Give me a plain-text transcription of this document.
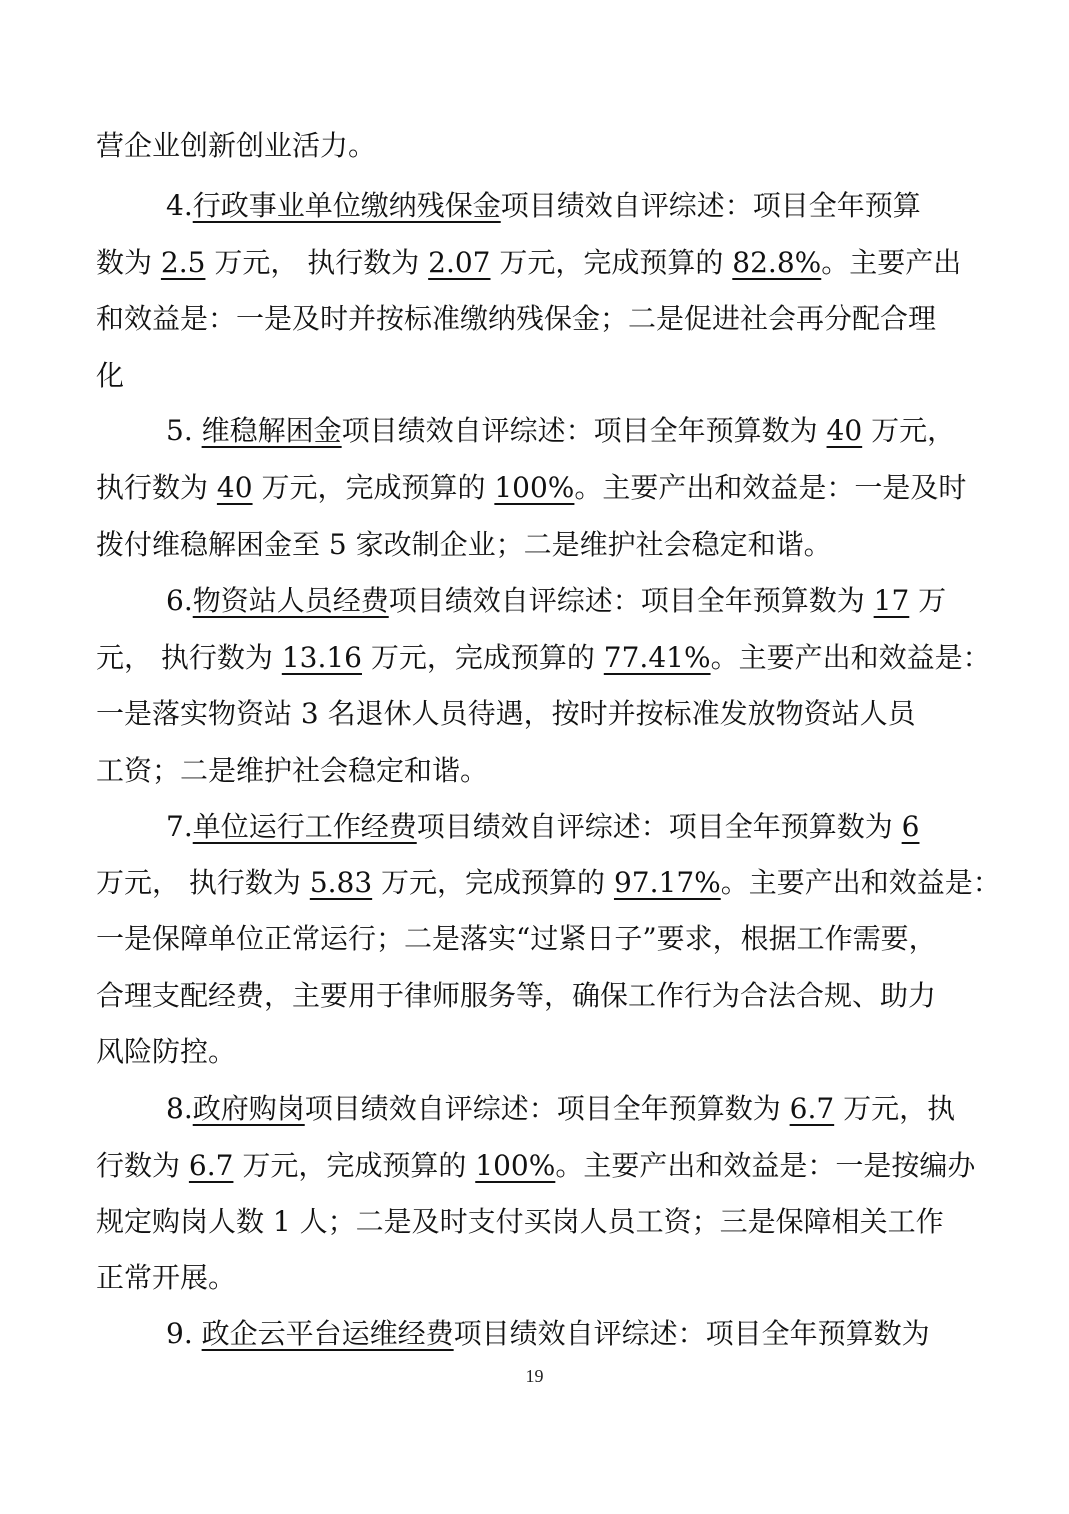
营企业创新创业活力。
4.行政事业单位缴纳残保金项目绩效自评综述：项目全年预算
数为 2.5 万元， 执行数为 2.07 万元，完成预算的 82.8%。主要产出
和效益是：一是及时并按标准缴纳残保金；二是促进社会再分配合理
化
5. 维稳解困金项目绩效自评综述：项目全年预算数为 40 万元，
执行数为 40 万元，完成预算的 100%。主要产出和效益是：一是及时
拨付维稳解困金至 5 家改制企业；二是维护社会稳定和谐。
6.物资站人员经费项目绩效自评综述：项目全年预算数为 17 万
元， 执行数为 13.16 万元，完成预算的 77.41%。主要产出和效益是：
一是落实物资站 3 名退休人员待遇，按时并按标准发放物资站人员
工资；二是维护社会稳定和谐。
7.单位运行工作经费项目绩效自评综述：项目全年预算数为 6
万元， 执行数为 5.83 万元，完成预算的 97.17%。主要产出和效益是：
一是保障单位正常运行；二是落实“过紧日子”要求，根据工作需要，
合理支配经费，主要用于律师服务等，确保工作行为合法合规、助力
风险防控。
8.政府购岗项目绩效自评综述：项目全年预算数为 6.7 万元，执
行数为 6.7 万元，完成预算的 100%。主要产出和效益是：一是按编办
规定购岗人数 1 人；二是及时支付买岗人员工资；三是保障相关工作
正常开展。
9. 政企云平台运维经费项目绩效自评综述：项目全年预算数为
19
